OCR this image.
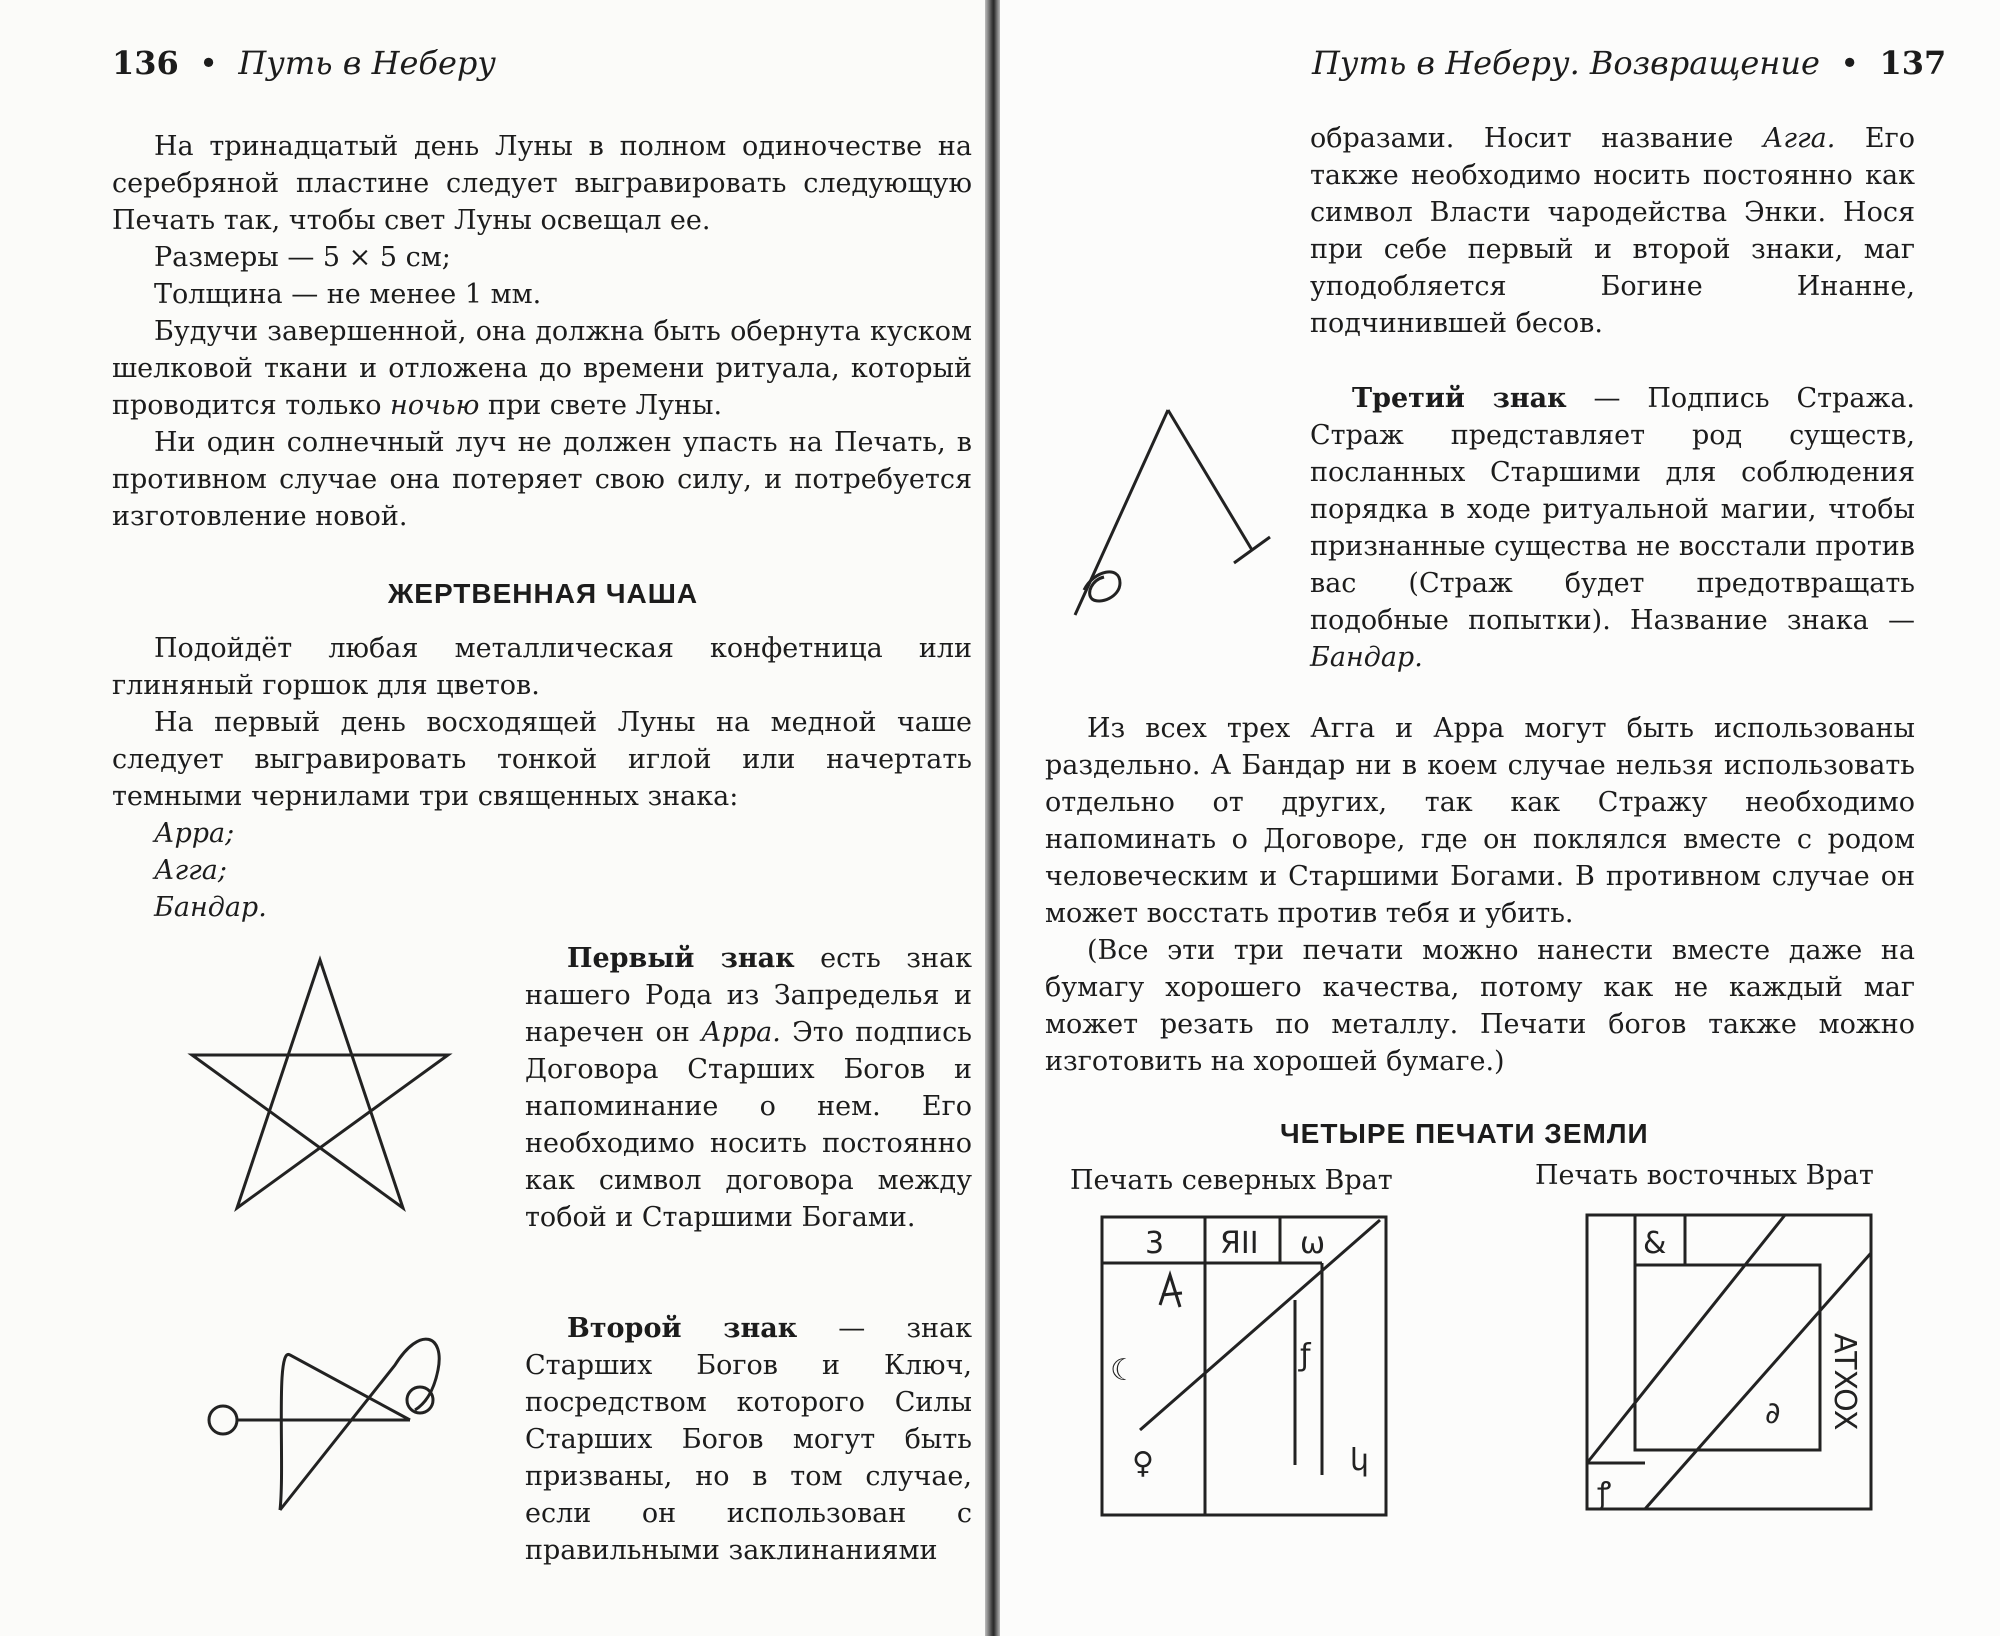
136  •  Путь в Неберу

На тринадцатый день Луны в полном одиночестве на серебряной пластине следует выгравировать следующую Печать так, чтобы свет Луны освещал ее.

Размеры — 5 × 5 см;

Толщина — не менее 1 мм.

Будучи завершенной, она должна быть обернута куском шелковой ткани и отложена до времени ритуала, который проводится только ночью при свете Луны.

Ни один солнечный луч не должен упасть на Печать, в противном случае она потеряет свою силу, и потребуется изготовление новой.

ЖЕРТВЕННАЯ ЧАША

Подойдёт любая металлическая конфетница или глиняный горшок для цветов.

На первый день восходящей Луны на медной чаше следует выгравировать тонкой иглой или начертать темными чернилами три священных знака:

Арра;

Агга;

Бандар.

Первый знак есть знак нашего Рода из Запределья и наречен он Арра. Это подпись Договора Старших Богов и напоминание о нем. Его необходимо носить постоянно как символ договора между тобой и Старшими Богами.

Второй знак — знак Старших Богов и Ключ, посредством которого Силы Старших Богов могут быть призваны, но в том случае, если он использован с правильными заклинаниями

Путь в Неберу. Возвращение  •  137

образами. Носит название Агга. Его также необходимо носить постоянно как символ Власти чародейства Энки. Нося при себе первый и второй знаки, маг уподобляется Богине Инанне, подчинившей бесов.

Третий знак — Подпись Стража. Страж представляет род существ, посланных Старшими для соблюдения порядка в ходе ритуальной магии, чтобы признанные существа не восстали против вас (Страж будет предотвращать подобные попытки). Название знака — Бандар.

Из всех трех Агга и Арра могут быть использованы раздельно. А Бандар ни в коем случае нельзя использовать отдельно от других, так как Стражу необходимо напоминать о Договоре, где он поклялся вместе с родом человеческим и Старшими Богами. В противном случае он может восстать против тебя и убить.

(Все эти три печати можно нанести вместе даже на бумагу хорошего качества, потому как не каждый маг может резать по металлу. Печати богов также можно изготовить на хорошей бумаге.)

ЧЕТЫРЕ ПЕЧАТИ ЗЕМЛИ
Печать северных Врат	Печать восточных Врат
3 ЯII ω
☾
♀
ƒ
կ
&
∂
ꝭ
ATXOX
